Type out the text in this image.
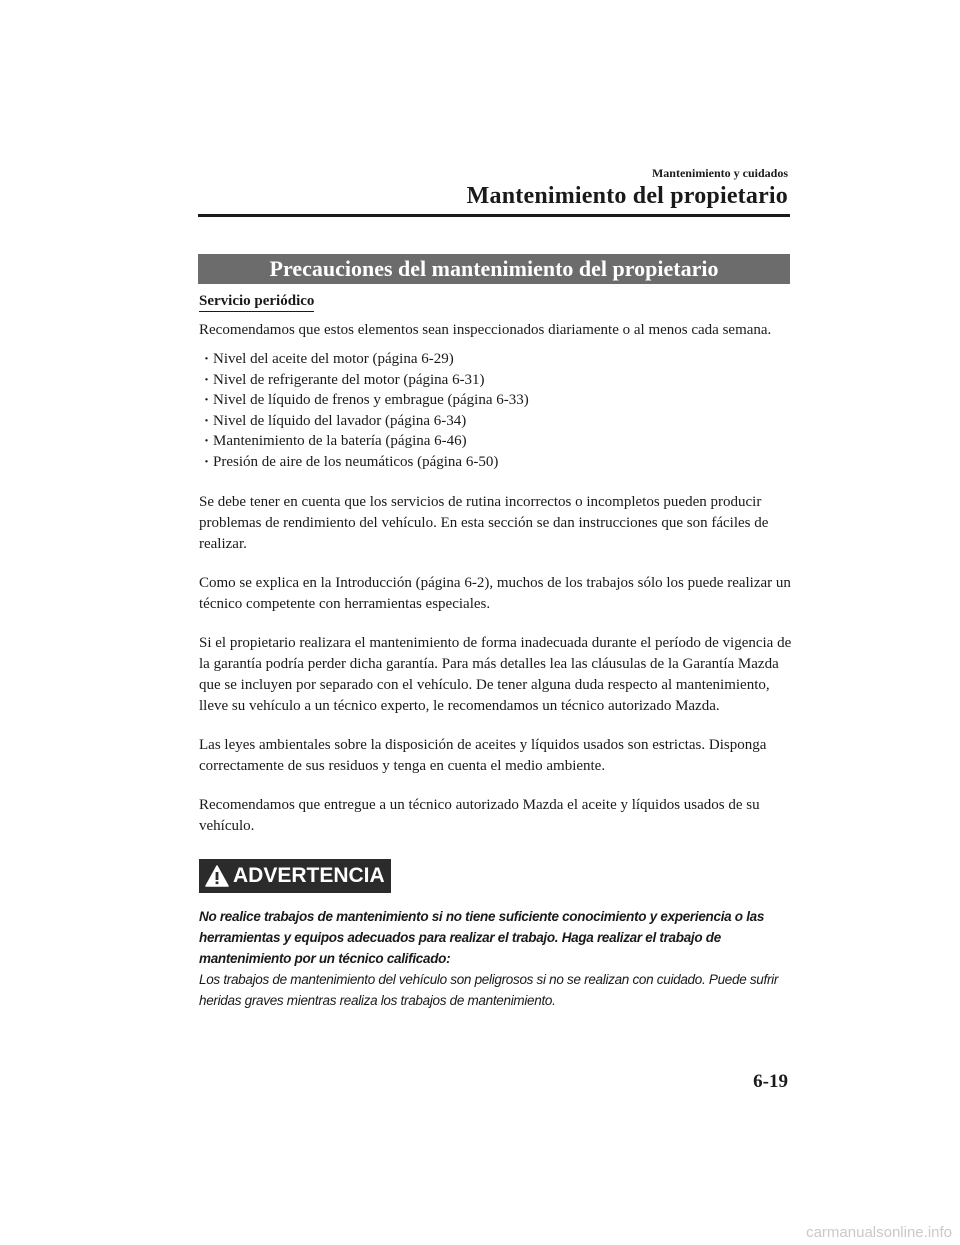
Mantenimiento y cuidados
Mantenimiento del propietario
Precauciones del mantenimiento del propietario
Servicio periódico

Recomendamos que estos elementos sean inspeccionados diariamente o al menos cada semana.

· Nivel del aceite del motor (página 6-29)
· Nivel de refrigerante del motor (página 6-31)
· Nivel de líquido de frenos y embrague (página 6-33)
· Nivel de líquido del lavador (página 6-34)
· Mantenimiento de la batería (página 6-46)
· Presión de aire de los neumáticos (página 6-50)

Se debe tener en cuenta que los servicios de rutina incorrectos o incompletos pueden producir problemas de rendimiento del vehículo. En esta sección se dan instrucciones que son fáciles de realizar.

Como se explica en la Introducción (página 6-2), muchos de los trabajos sólo los puede realizar un técnico competente con herramientas especiales.

Si el propietario realizara el mantenimiento de forma inadecuada durante el período de vigencia de la garantía podría perder dicha garantía. Para más detalles lea las cláusulas de la Garantía Mazda que se incluyen por separado con el vehículo. De tener alguna duda respecto al mantenimiento, lleve su vehículo a un técnico experto, le recomendamos un técnico autorizado Mazda.

Las leyes ambientales sobre la disposición de aceites y líquidos usados son estrictas. Disponga correctamente de sus residuos y tenga en cuenta el medio ambiente.

Recomendamos que entregue a un técnico autorizado Mazda el aceite y líquidos usados de su vehículo.

ADVERTENCIA
No realice trabajos de mantenimiento si no tiene suficiente conocimiento y experiencia o las herramientas y equipos adecuados para realizar el trabajo. Haga realizar el trabajo de mantenimiento por un técnico calificado:
Los trabajos de mantenimiento del vehículo son peligrosos si no se realizan con cuidado. Puede sufrir heridas graves mientras realiza los trabajos de mantenimiento.
6-19
carmanualsonline.info
